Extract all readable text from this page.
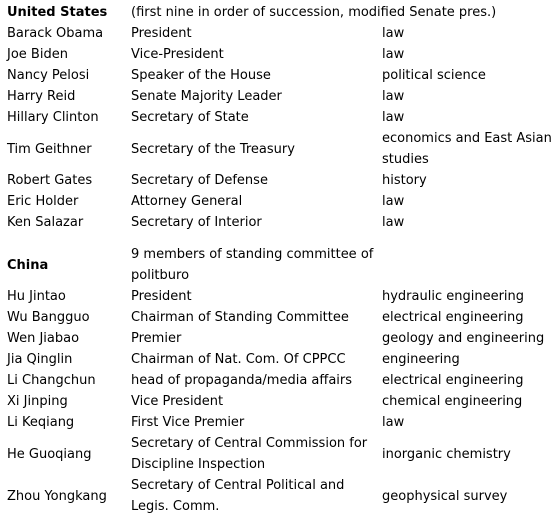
United States	(first nine in order of succession, modified Senate pres.)	
Barack Obama	President	law
Joe Biden	Vice-President	law
Nancy Pelosi	Speaker of the House	political science
Harry Reid	Senate Majority Leader	law
Hillary Clinton	Secretary of State	law
Tim Geithner	Secretary of the Treasury	economics and East Asian studies
Robert Gates	Secretary of Defense	history
Eric Holder	Attorney General	law
Ken Salazar	Secretary of Interior	law

China	9 members of standing committee of politburo	
Hu Jintao	President	hydraulic engineering
Wu Bangguo	Chairman of Standing Committee	electrical engineering
Wen Jiabao	Premier	geology and engineering
Jia Qinglin	Chairman of Nat. Com. Of CPPCC	engineering
Li Changchun	head of propaganda/media affairs	electrical engineering
Xi Jinping	Vice President	chemical engineering
Li Keqiang	First Vice Premier	law
He Guoqiang	Secretary of Central Commission for Discipline Inspection	inorganic chemistry
Zhou Yongkang	Secretary of Central Political and Legis. Comm.	geophysical survey
